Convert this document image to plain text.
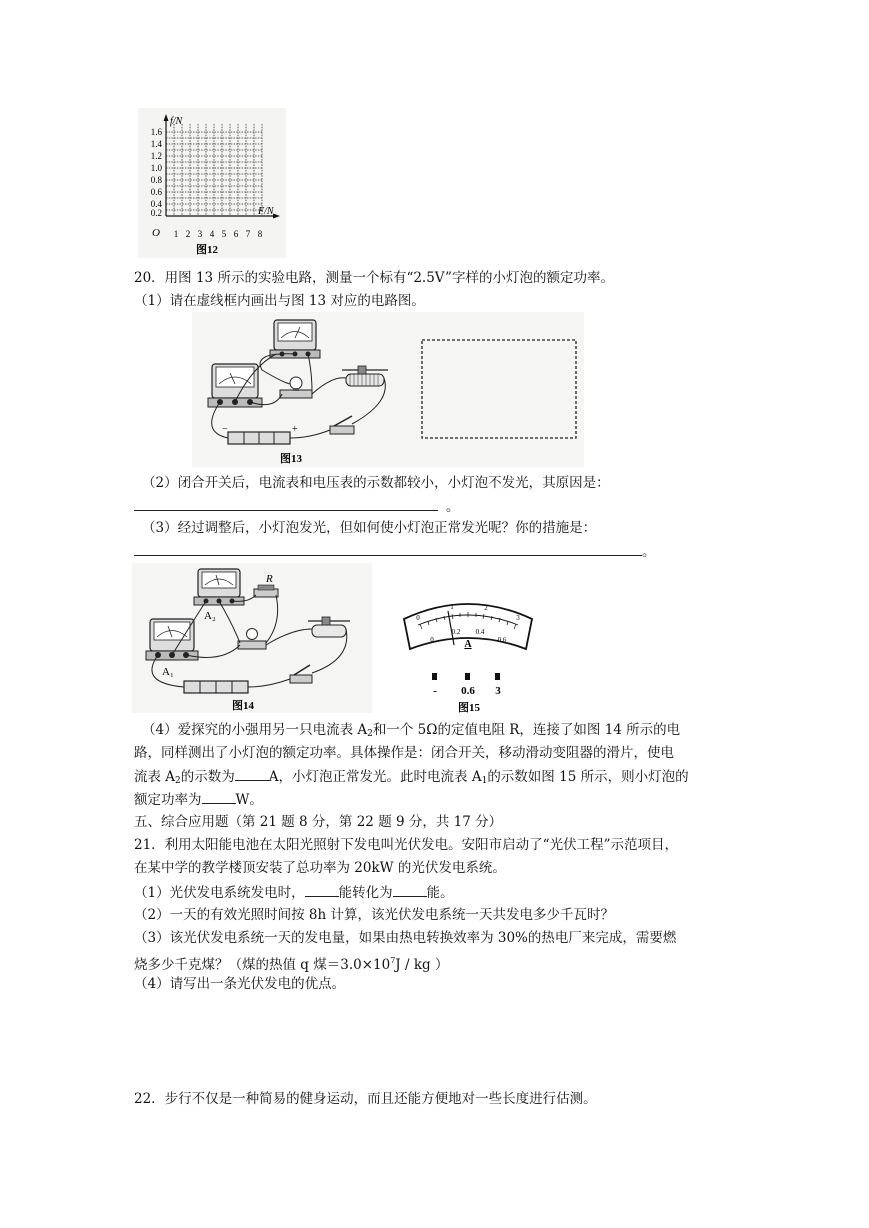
f/N
F/N
O
1.6
1.4
1.2
1.0
0.8
0.6
0.4
0.2
1 2 3 4 5 6 7 8
图12
20．用图 13 所示的实验电路，测量一个标有“2.5V”字样的小灯泡的额定功率。
（1）请在虚线框内画出与图 13 对应的电路图。
−	+
图13
（2）闭合开关后，电流表和电压表的示数都较小，小灯泡不发光，其原因是：
。
（3）经过调整后，小灯泡发光，但如何使小灯泡正常发光呢？你的措施是：
。
A₂
R
A₁
图14
0
1	2
3
0
0.2 0.4
0.6
A
- 0.6 3
图15
（4）爱探究的小强用另一只电流表 $A_2$和一个 5Ω的定值电阻 R，连接了如图 14 所示的电
路，同样测出了小灯泡的额定功率。具体操作是：闭合开关，移动滑动变阻器的滑片，使电
流表 $A_2$的示数为	A，小灯泡正常发光。此时电流表 $A_1$的示数如图 15 所示，则小灯泡的
额定功率为	W。
五、综合应用题（第 21 题 8 分，第 22 题 9 分，共 17 分）
21．利用太阳能电池在太阳光照射下发电叫光伏发电。安阳市启动了“光伏工程”示范项目，
在某中学的教学楼顶安装了总功率为 20kW 的光伏发电系统。
（1）光伏发电系统发电时，	能转化为	能。
（2）一天的有效光照时间按 8h 计算，该光伏发电系统一天共发电多少千瓦时？
（3）该光伏发电系统一天的发电量，如果由热电转换效率为 30%的热电厂来完成，需要燃
烧多少千克煤？（煤的热值 q 煤$=3.0\times 10^7J$ / kg ）
（4）请写出一条光伏发电的优点。
22．步行不仅是一种简易的健身运动，而且还能方便地对一些长度进行估测。
